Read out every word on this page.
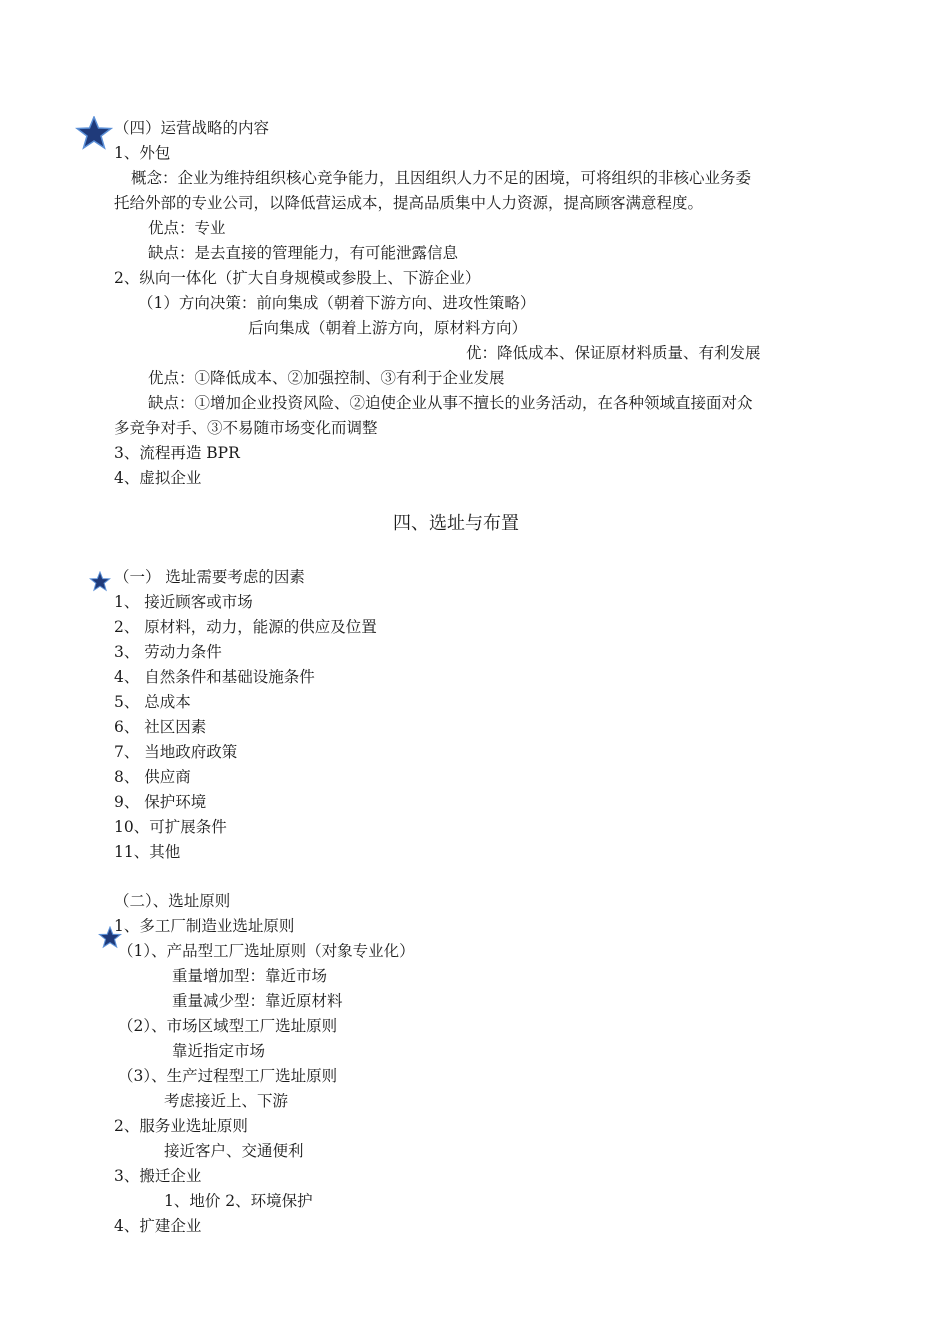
（四）运营战略的内容
1、外包
概念：企业为维持组织核心竞争能力，且因组织人力不足的困境，可将组织的非核心业务委
托给外部的专业公司，以降低营运成本，提高品质集中人力资源，提高顾客满意程度。
优点：专业
缺点：是去直接的管理能力，有可能泄露信息
2、纵向一体化（扩大自身规模或参股上、下游企业）
（1）方向决策：前向集成（朝着下游方向、进攻性策略）
后向集成（朝着上游方向，原材料方向）
优：降低成本、保证原材料质量、有利发展
优点：①降低成本、②加强控制、③有利于企业发展
缺点：①增加企业投资风险、②迫使企业从事不擅长的业务活动，在各种领域直接面对众
多竞争对手、③不易随市场变化而调整
3、流程再造 BPR
4、虚拟企业
四、选址与布置
（一） 选址需要考虑的因素
1、 接近顾客或市场
2、 原材料，动力，能源的供应及位置
3、 劳动力条件
4、 自然条件和基础设施条件
5、 总成本
6、 社区因素
7、 当地政府政策
8、 供应商
9、 保护环境
10、可扩展条件
11、其他
（二）、选址原则
1、多工厂制造业选址原则
（1）、产品型工厂选址原则（对象专业化）
重量增加型：靠近市场
重量减少型：靠近原材料
（2）、市场区域型工厂选址原则
靠近指定市场
（3）、生产过程型工厂选址原则
考虑接近上、下游
2、服务业选址原则
接近客户、交通便利
3、搬迁企业
1、地价 2、环境保护
4、扩建企业
